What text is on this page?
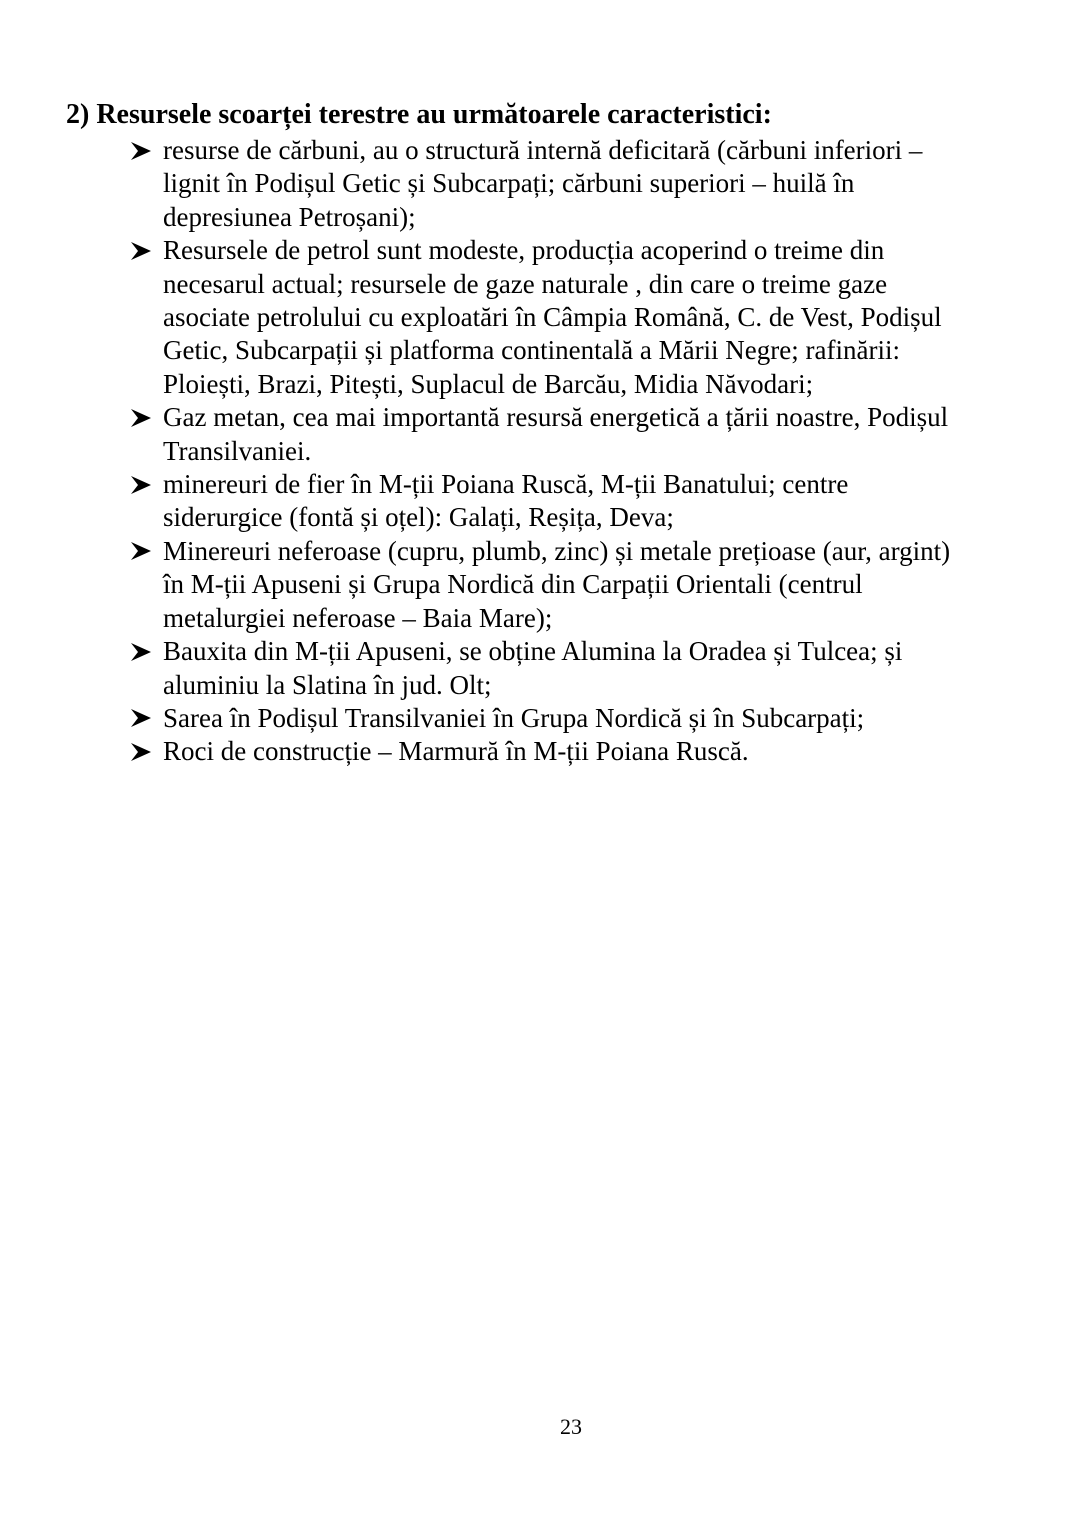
2) Resursele scoarței terestre au următoarele caracteristici:
resurse de cărbuni, au o structură internă deficitară (cărbuni inferiori –
lignit în Podișul Getic și Subcarpați; cărbuni superiori – huilă în
depresiunea Petroșani);
Resursele de petrol sunt modeste, producția acoperind o treime din
necesarul actual; resursele de gaze naturale , din care o treime gaze
asociate petrolului cu exploatări în Câmpia Română, C. de Vest, Podișul
Getic, Subcarpații și platforma continentală a Mării Negre; rafinării:
Ploiești, Brazi, Pitești, Suplacul de Barcău, Midia Năvodari;
Gaz metan, cea mai importantă resursă energetică a țării noastre, Podișul
Transilvaniei.
minereuri de fier în M-ții Poiana Ruscă, M-ții Banatului; centre
siderurgice (fontă și oțel): Galați, Reșița, Deva;
Minereuri neferoase (cupru, plumb, zinc) și metale prețioase (aur, argint)
în M-ții Apuseni și Grupa Nordică din Carpații Orientali (centrul
metalurgiei neferoase – Baia Mare);
Bauxita din M-ții Apuseni, se obține Alumina la Oradea și Tulcea; și
aluminiu la Slatina în jud. Olt;
Sarea în Podișul Transilvaniei în Grupa Nordică și în Subcarpați;
Roci de construcție – Marmură în M-ții Poiana Ruscă.
23
